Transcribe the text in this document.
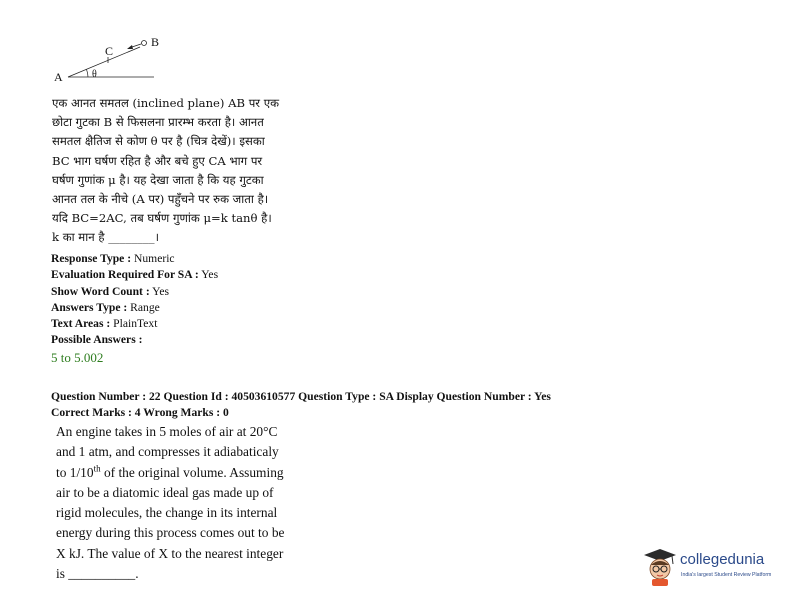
A
B
C
θ
एक आनत समतल (inclined plane) AB पर एक
छोटा गुटका B से फिसलना प्रारम्भ करता है। आनत
समतल क्षैतिज से कोण θ पर है (चित्र देखें)। इसका
BC भाग घर्षण रहित है और बचे हुए CA भाग पर
घर्षण गुणांक μ है। यह देखा जाता है कि यह गुटका
आनत तल के नीचे (A पर) पहुँचने पर रुक जाता है।
यदि BC=2AC, तब घर्षण गुणांक μ=k tanθ है।
k का मान है ________।
Response Type : Numeric
Evaluation Required For SA : Yes
Show Word Count : Yes
Answers Type : Range
Text Areas : PlainText
Possible Answers :
5 to 5.002
Question Number : 22 Question Id : 40503610577 Question Type : SA Display Question Number : Yes
Correct Marks : 4 Wrong Marks : 0
An engine takes in 5 moles of air at 20°C
and 1 atm, and compresses it adiabaticaly
to 1/10th of the original volume. Assuming
air to be a diatomic ideal gas made up of
rigid molecules, the change in its internal
energy during this process comes out to be
X kJ. The value of X to the nearest integer
is __________.
collegedunia
India's largest Student Review Platform
